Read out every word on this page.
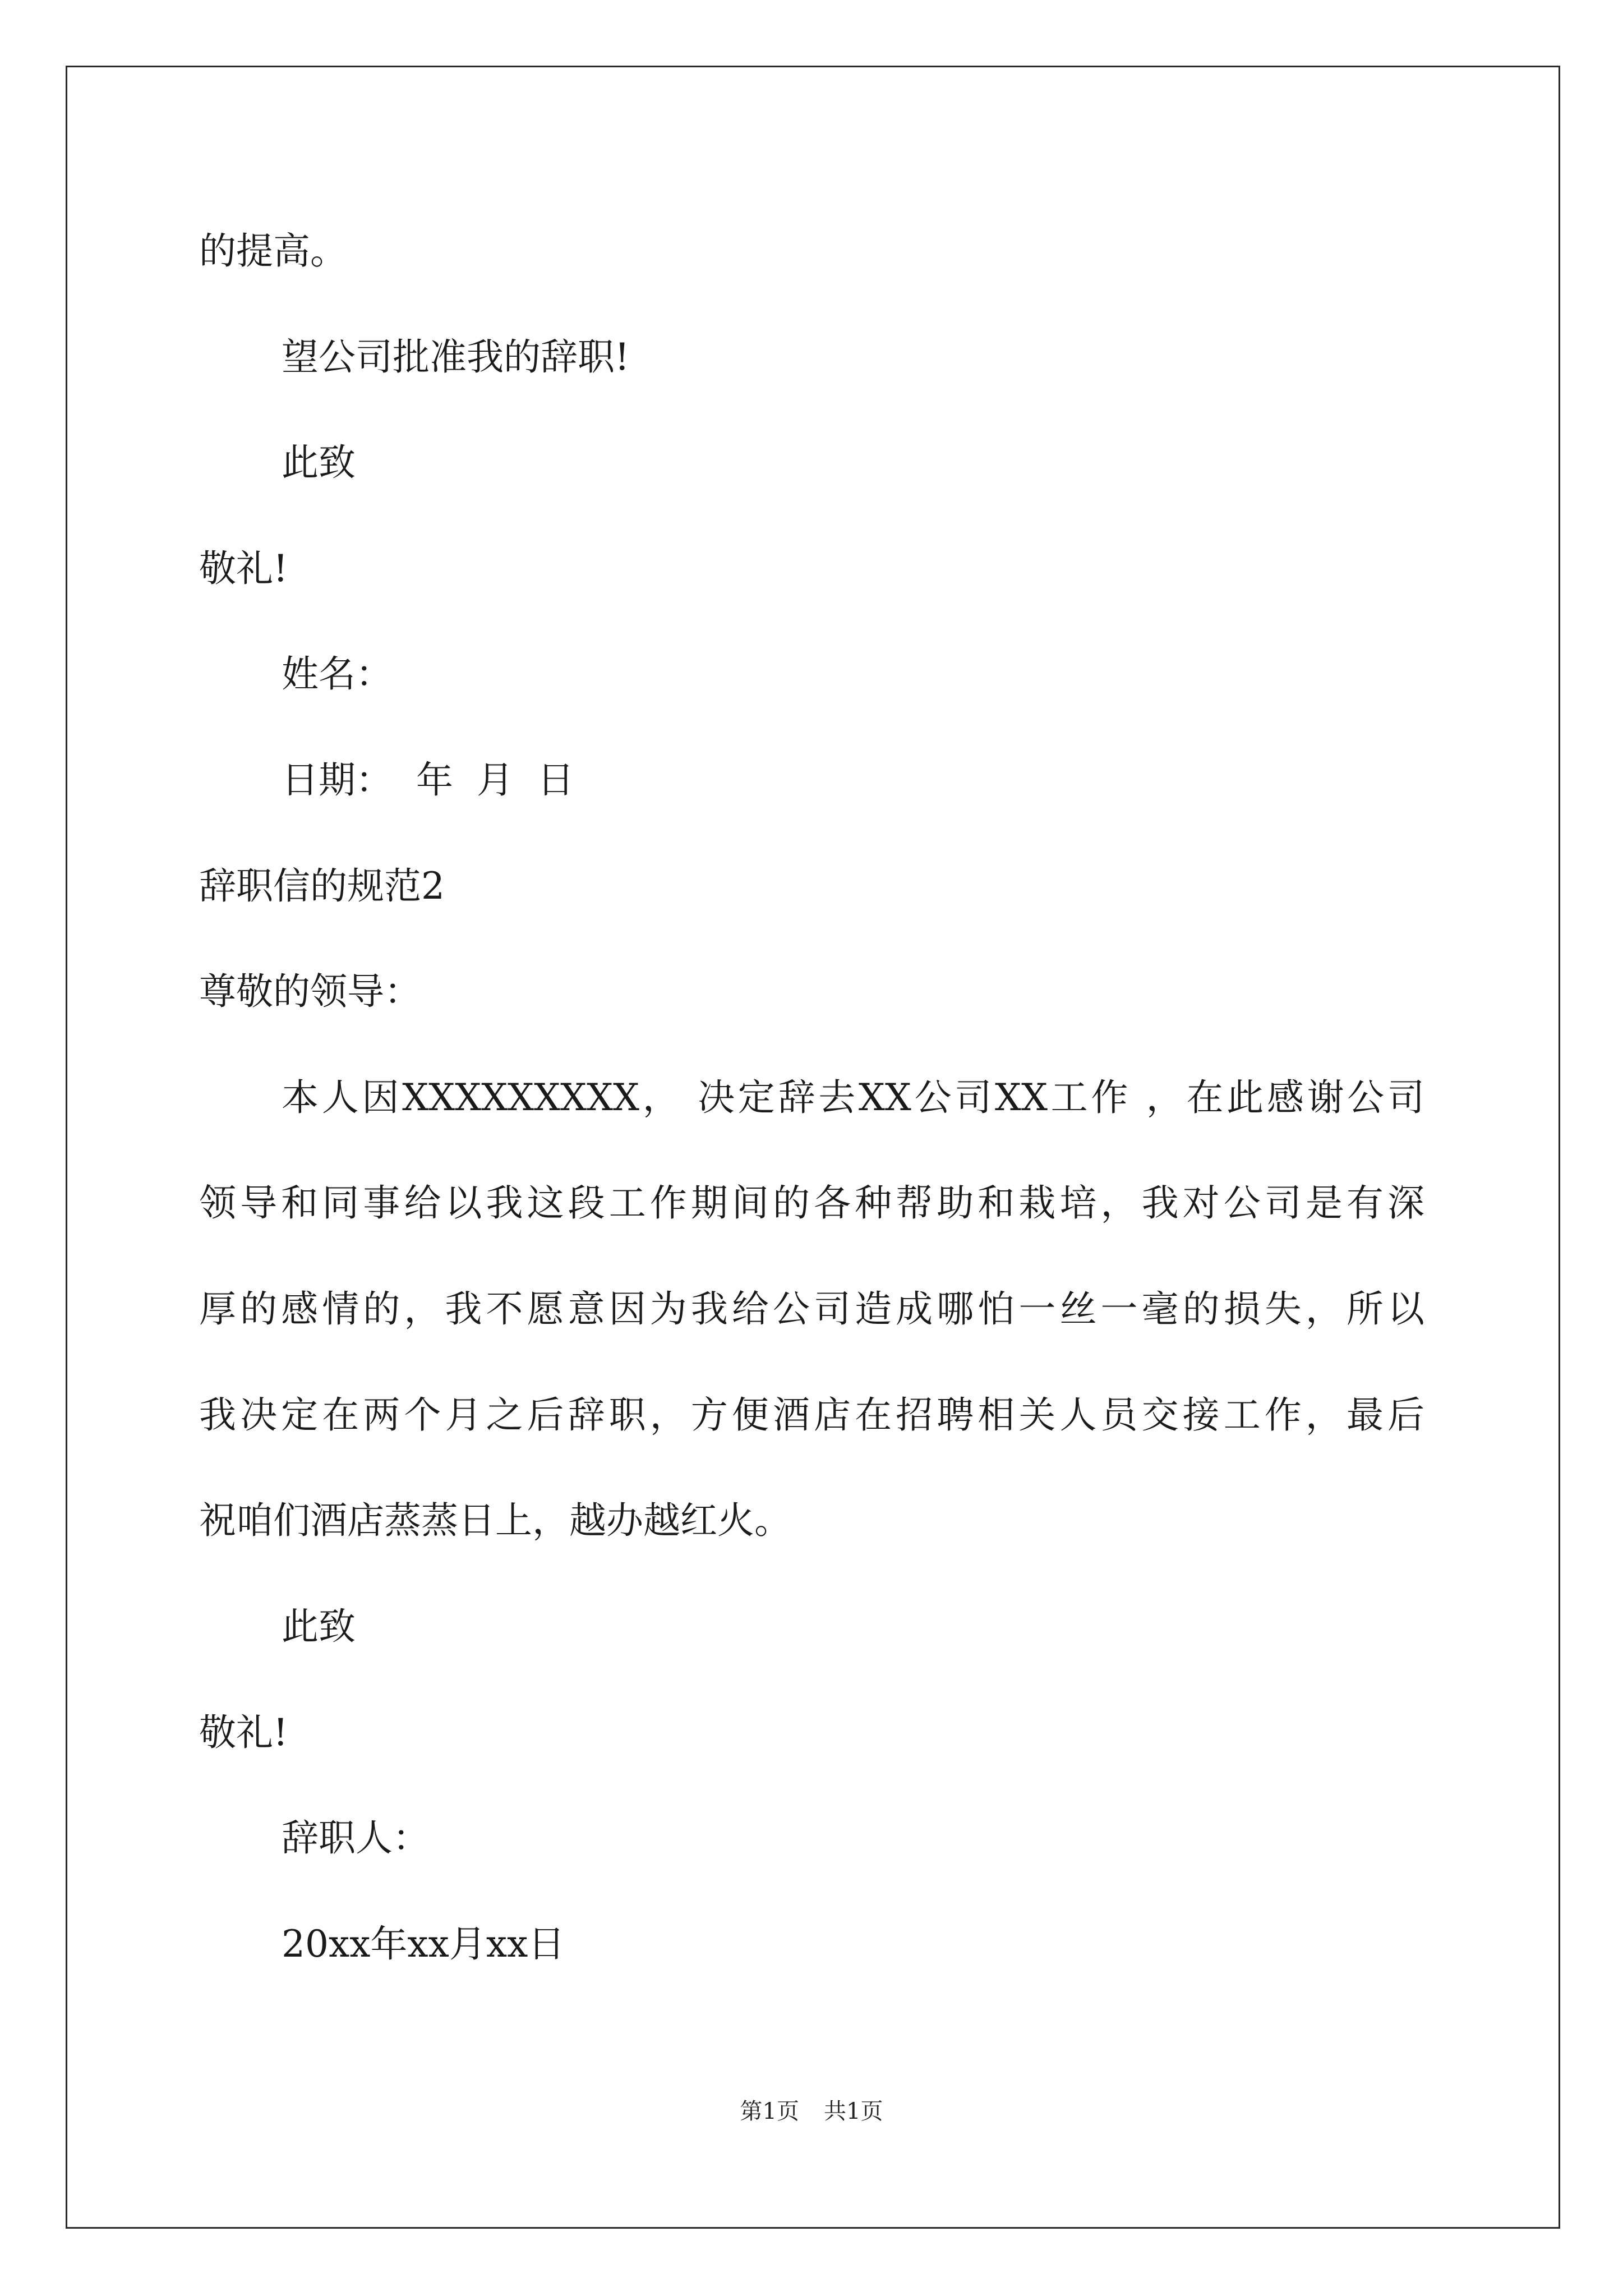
的提高。
望公司批准我的辞职!
此致
敬礼!
姓名：
日期：  年  月  日
辞职信的规范2
尊敬的领导：
本人因XXXXXXXXX， 决定辞去XX公司XX工作 ，在此感谢公司
领导和同事给以我这段工作期间的各种帮助和栽培，我对公司是有深
厚的感情的，我不愿意因为我给公司造成哪怕一丝一毫的损失，所以
我决定在两个月之后辞职，方便酒店在招聘相关人员交接工作，最后
祝咱们酒店蒸蒸日上，越办越红火。
此致
敬礼!
辞职人：
20xx年xx月xx日
第1页 共1页
